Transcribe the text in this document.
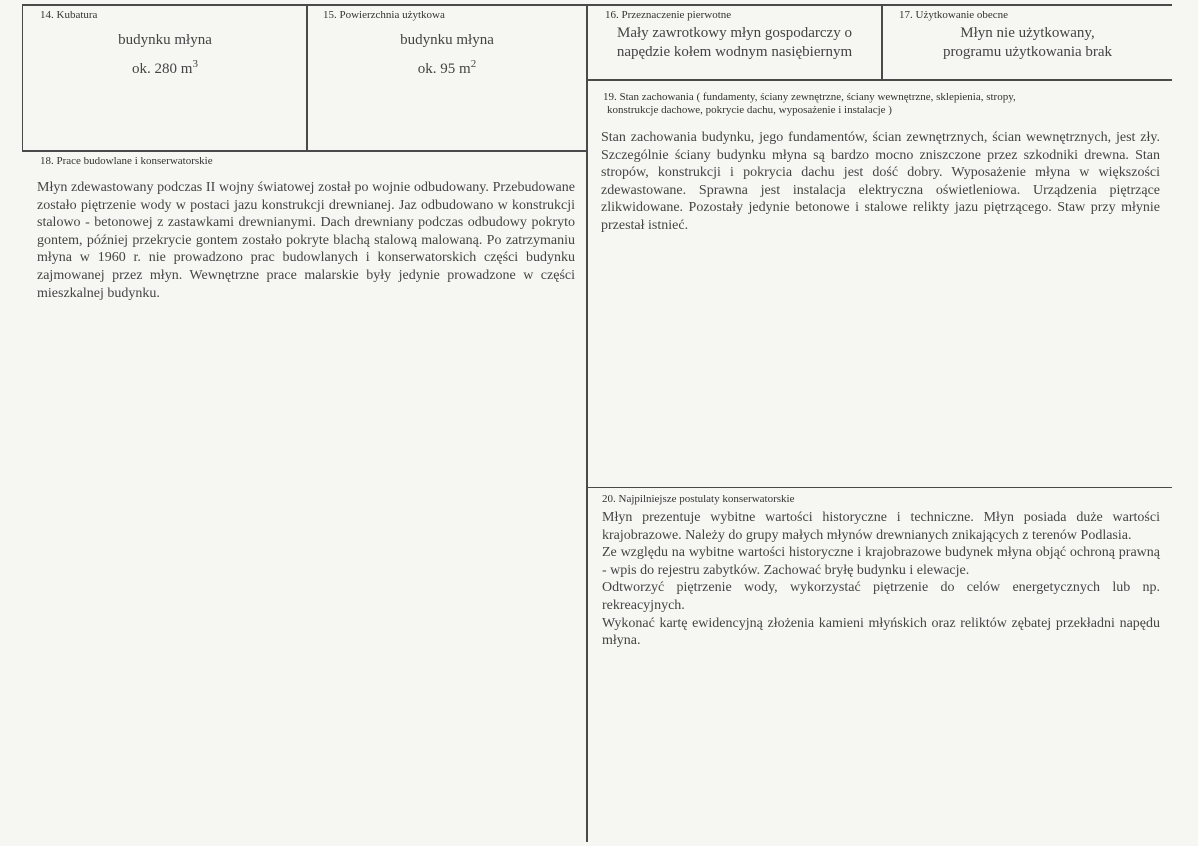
14. Kubatura
budynku młyna
ok. 280 $m^3$
15. Powierzchnia użytkowa
budynku młyna
ok. 95 $m^2$
16. Przeznaczenie pierwotne
Mały zawrotkowy młyn gospodarczy o
napędzie kołem wodnym nasiębiernym
17. Użytkowanie obecne
Młyn nie użytkowany,
programu użytkowania brak
18. Prace budowlane i konserwatorskie
Młyn zdewastowany podczas II wojny światowej został po wojnie odbudowany. Przebudowane zostało piętrzenie wody w postaci jazu konstrukcji drewnianej. Jaz odbudowano w konstrukcji stalowo - betonowej z zastawkami drewnianymi. Dach drewniany podczas odbudowy pokryto gontem, później przekrycie gontem zostało pokryte blachą stalową malowaną. Po zatrzymaniu młyna w 1960 r. nie prowadzono prac budowlanych i konserwatorskich części budynku zajmowanej przez młyn. Wewnętrzne prace malarskie były jedynie prowadzone w części mieszkalnej budynku.
19. Stan zachowania ( fundamenty, ściany zewnętrzne, ściany wewnętrzne, sklepienia, stropy,
konstrukcje dachowe, pokrycie dachu, wyposażenie i instalacje )
Stan zachowania budynku, jego fundamentów, ścian zewnętrznych, ścian wewnętrznych, jest zły. Szczególnie ściany budynku młyna są bardzo mocno zniszczone przez szkodniki drewna. Stan stropów, konstrukcji i pokrycia dachu jest dość dobry. Wyposażenie młyna w większości zdewastowane. Sprawna jest instalacja elektryczna oświetleniowa. Urządzenia piętrzące zlikwidowane. Pozostały jedynie betonowe i stalowe relikty jazu piętrzącego. Staw przy młynie przestał istnieć.
20. Najpilniejsze postulaty konserwatorskie

Młyn prezentuje wybitne wartości historyczne i techniczne. Młyn posiada duże wartości krajobrazowe. Należy do grupy małych młynów drewnianych znikających z terenów Podlasia.

Ze względu na wybitne wartości historyczne i krajobrazowe budynek młyna objąć ochroną prawną - wpis do rejestru zabytków. Zachować bryłę budynku i elewacje.

Odtworzyć piętrzenie wody, wykorzystać piętrzenie do celów energetycznych lub np. rekreacyjnych.

Wykonać kartę ewidencyjną złożenia kamieni młyńskich oraz reliktów zębatej przekładni napędu młyna.
